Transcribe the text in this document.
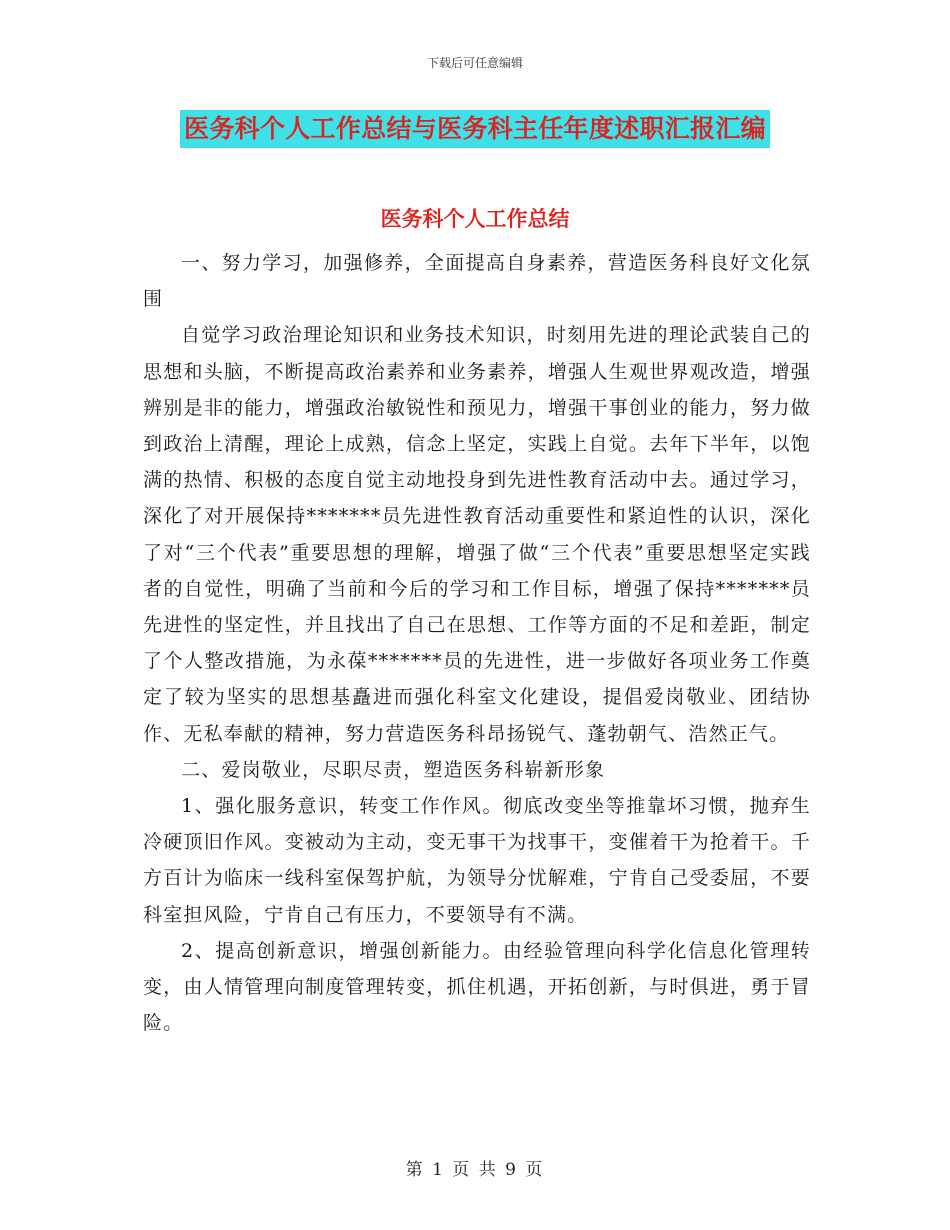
下载后可任意编辑
医务科个人工作总结与医务科主任年度述职汇报汇编
医务科个人工作总结

一、努力学习，加强修养，全面提高自身素养，营造医务科良好文化氛围

自觉学习政治理论知识和业务技术知识，时刻用先进的理论武装自己的思想和头脑，不断提高政治素养和业务素养，增强人生观世界观改造，增强辨别是非的能力，增强政治敏锐性和预见力，增强干事创业的能力，努力做到政治上清醒，理论上成熟，信念上坚定，实践上自觉。去年下半年，以饱满的热情、积极的态度自觉主动地投身到先进性教育活动中去。通过学习，深化了对开展保持*******员先进性教育活动重要性和紧迫性的认识，深化了对“三个代表”重要思想的理解，增强了做“三个代表”重要思想坚定实践者的自觉性，明确了当前和今后的学习和工作目标，增强了保持*******员先进性的坚定性，并且找出了自己在思想、工作等方面的不足和差距，制定了个人整改措施，为永葆*******员的先进性，进一步做好各项业务工作奠定了较为坚实的思想基矗进而强化科室文化建设，提倡爱岗敬业、团结协作、无私奉献的精神，努力营造医务科昂扬锐气、蓬勃朝气、浩然正气。

二、爱岗敬业，尽职尽责，塑造医务科崭新形象

1、强化服务意识，转变工作作风。彻底改变坐等推靠坏习惯，抛弃生冷硬顶旧作风。变被动为主动，变无事干为找事干，变催着干为抢着干。千方百计为临床一线科室保驾护航，为领导分忧解难，宁肯自己受委屈，不要科室担风险，宁肯自己有压力，不要领导有不满。

2、提高创新意识，增强创新能力。由经验管理向科学化信息化管理转变，由人情管理向制度管理转变，抓住机遇，开拓创新，与时俱进，勇于冒险。

第 1 页 共 9 页
